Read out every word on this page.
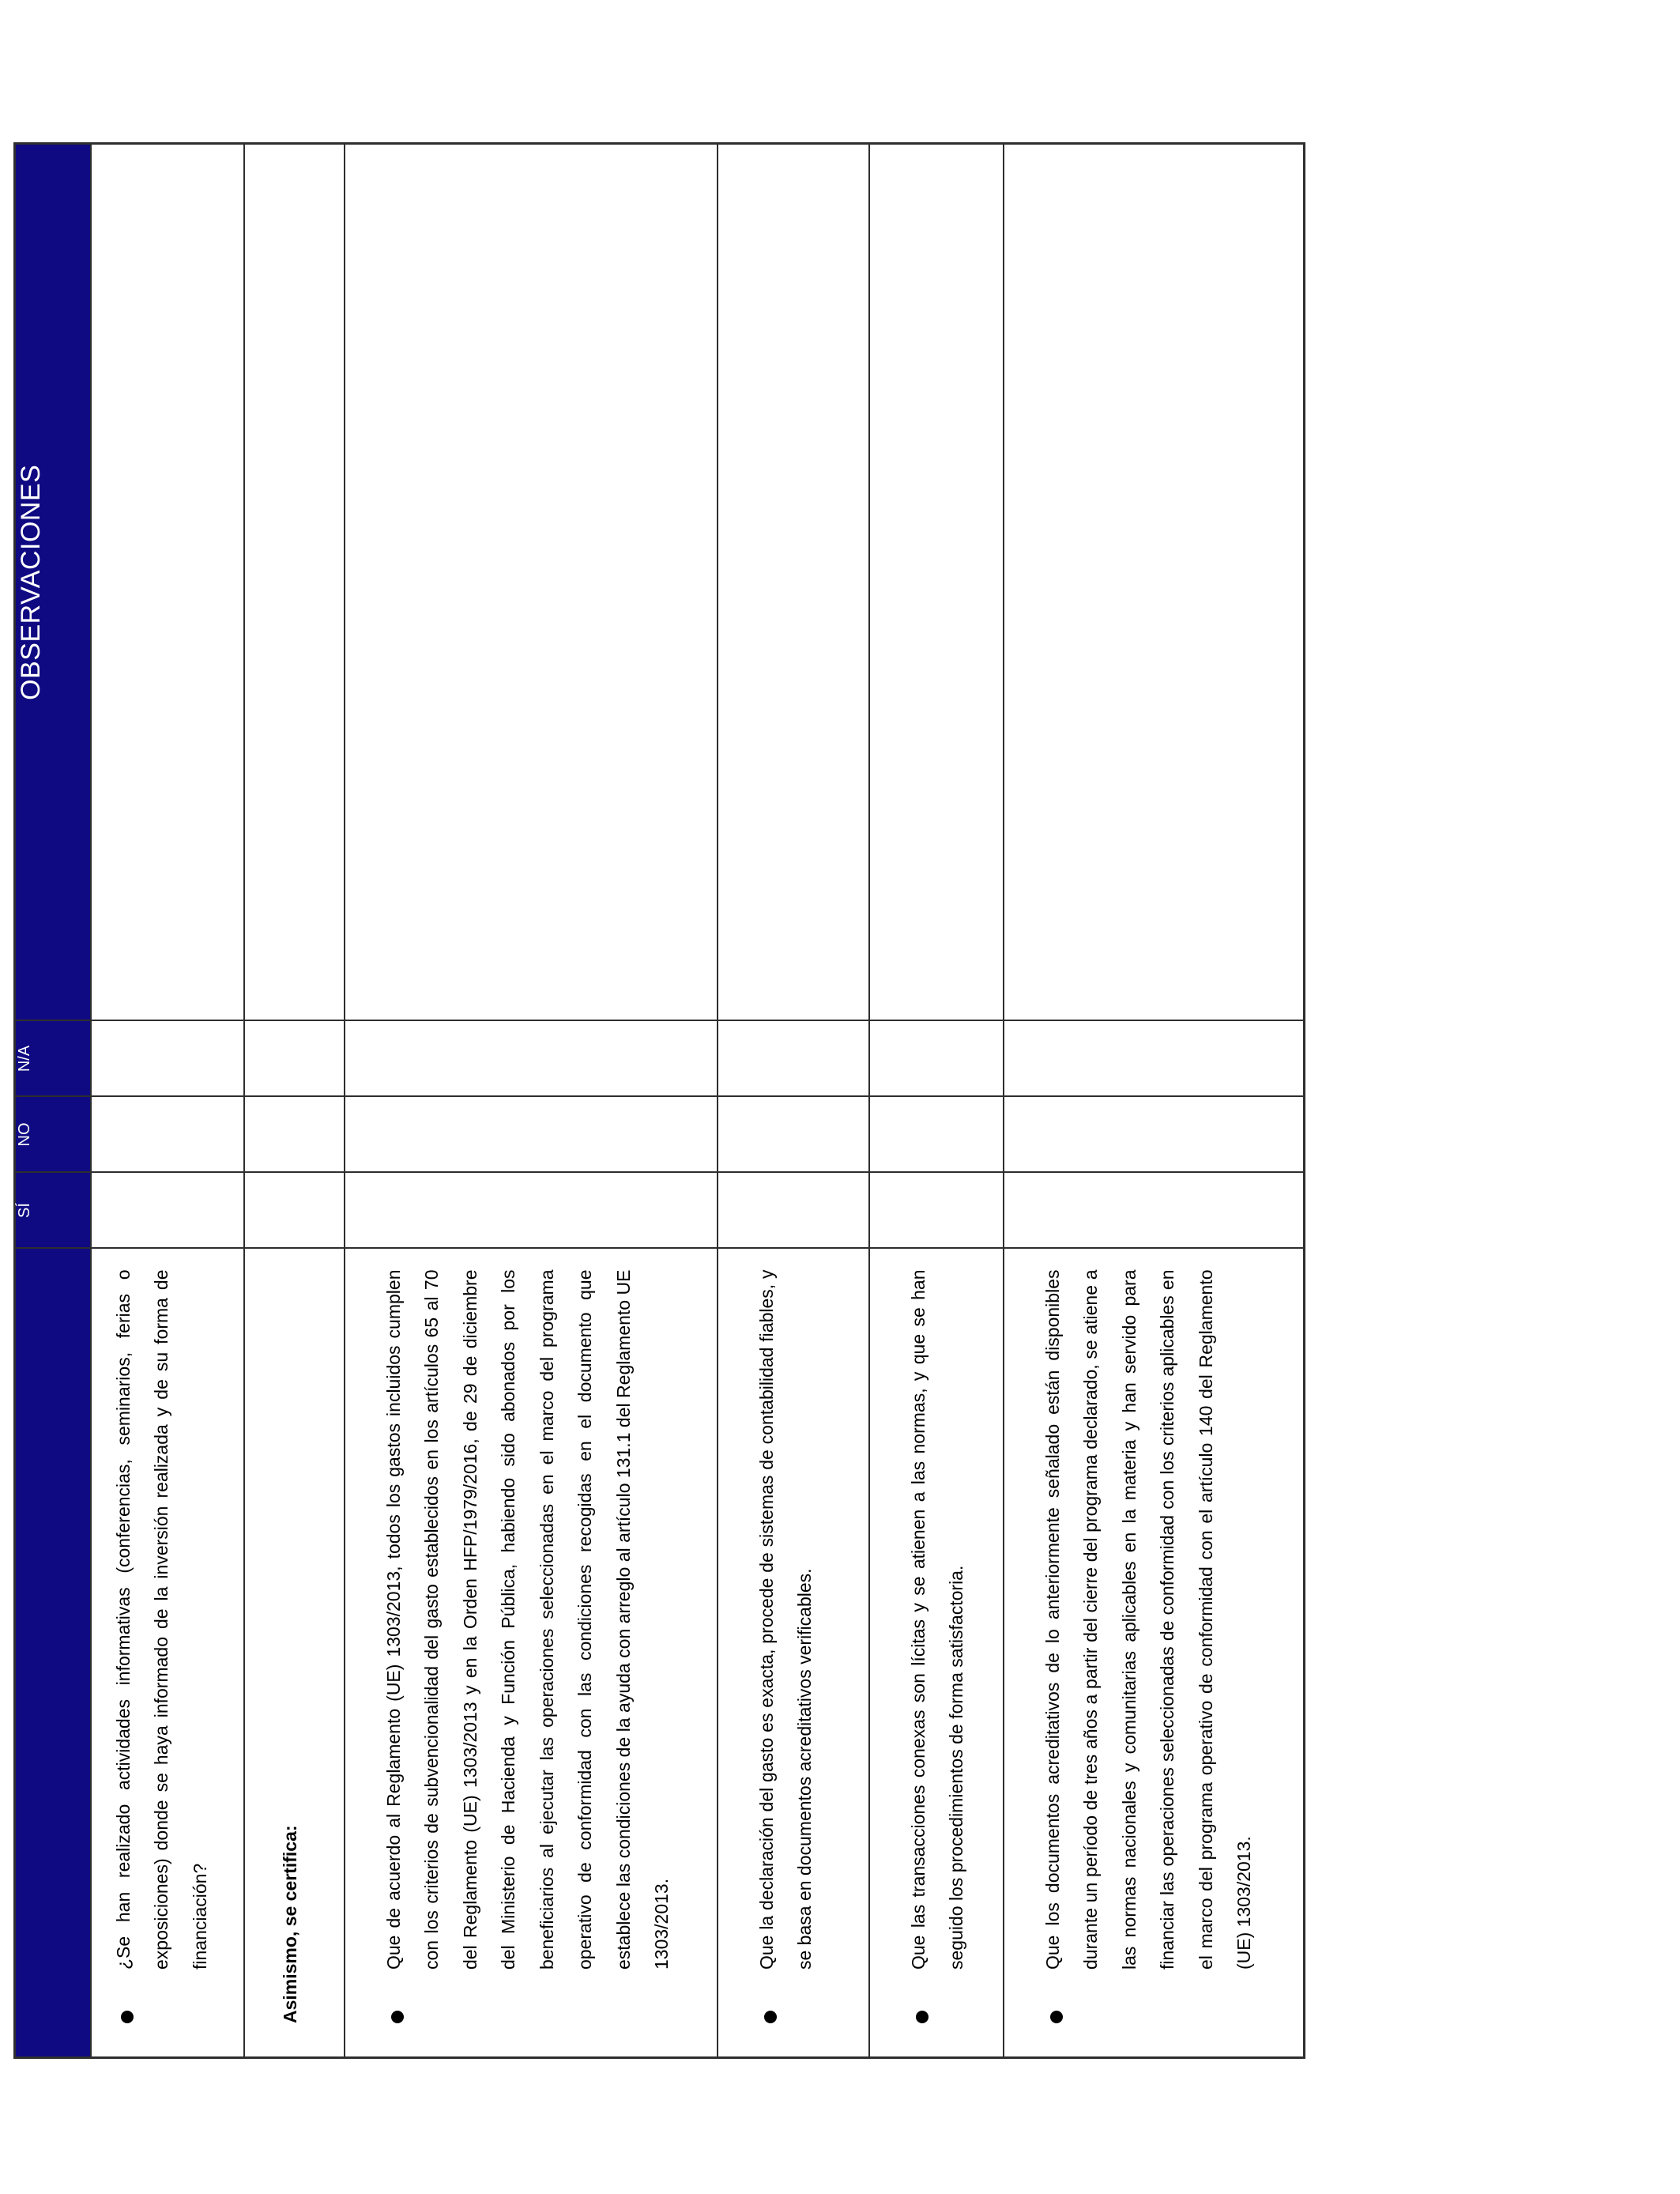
	SÍ	NO	N/A	OBSERVACIONES

¿Se han realizado actividades informativas (conferencias, seminarios, ferias o exposiciones) donde se haya informado de la inversión realizada y de su forma de financiación?				

Asimismo, se certifica:				

Que de acuerdo al Reglamento (UE) 1303/2013, todos los gastos incluidos cumplen con los criterios de subvencionalidad del gasto establecidos en los artículos 65 al 70 del Reglamento (UE) 1303/2013 y en la Orden HFP/1979/2016, de 29 de diciembre del Ministerio de Hacienda y Función Pública, habiendo sido abonados por los beneficiarios al ejecutar las operaciones seleccionadas en el marco del programa operativo de conformidad con las condiciones recogidas en el documento que establece las condiciones de la ayuda con arreglo al artículo 131.1 del Reglamento UE 1303/2013.				

Que la declaración del gasto es exacta, procede de sistemas de contabilidad fiables, y se basa en documentos acreditativos verificables.				

Que las transacciones conexas son lícitas y se atienen a las normas, y que se han seguido los procedimientos de forma satisfactoria.				

Que los documentos acreditativos de lo anteriormente señalado están disponibles durante un período de tres años a partir del cierre del programa declarado, se atiene a las normas nacionales y comunitarias aplicables en la materia y han servido para financiar las operaciones seleccionadas de conformidad con los criterios aplicables en el marco del programa operativo de conformidad con el artículo 140 del Reglamento (UE) 1303/2013.				
